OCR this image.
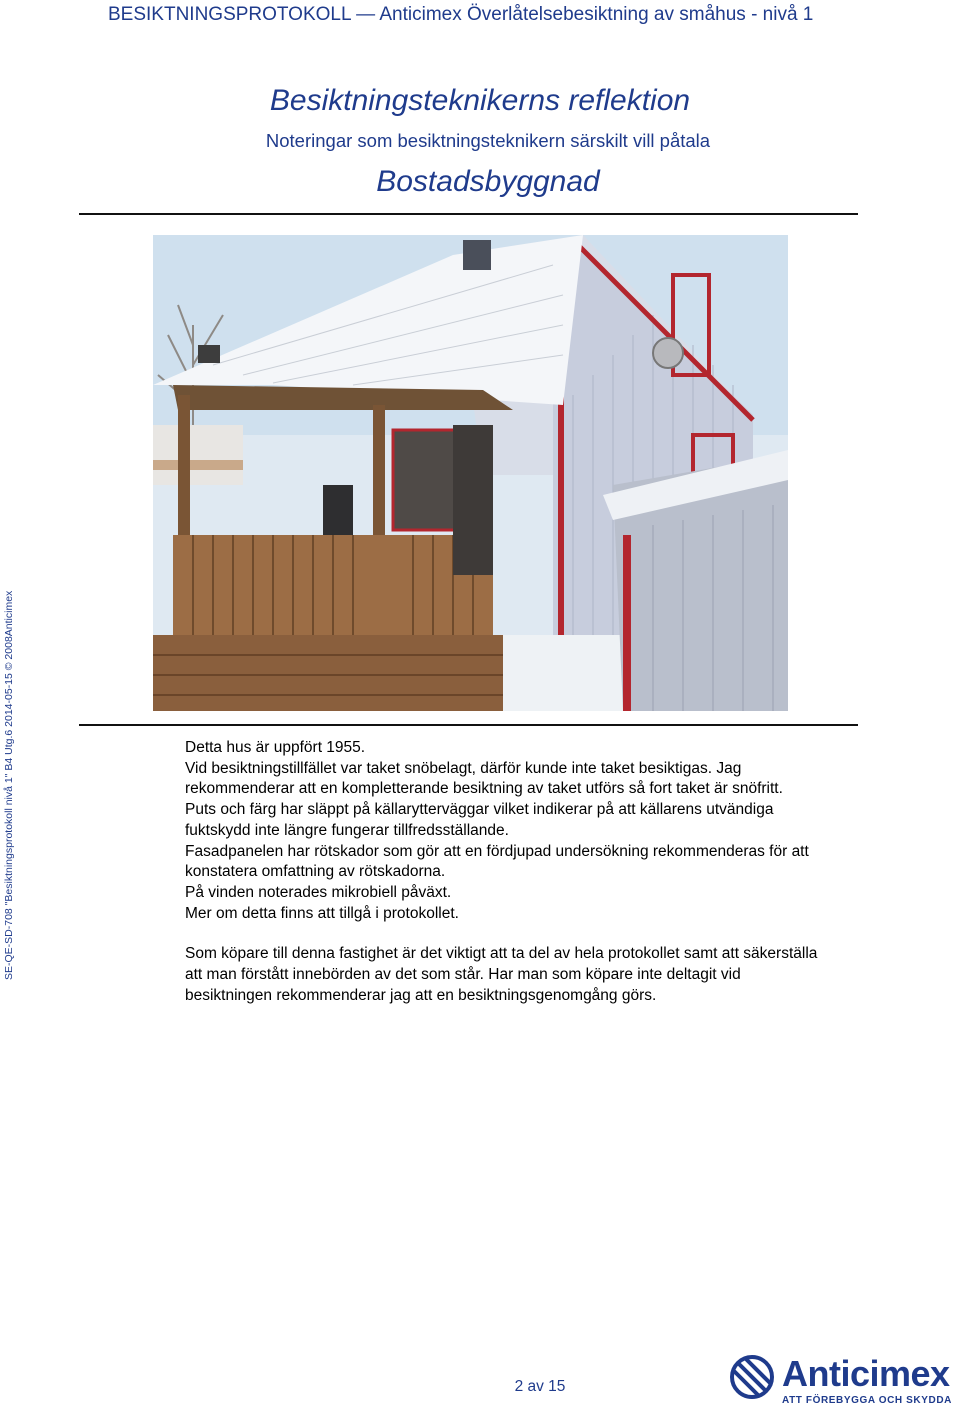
BESIKTNINGSPROTOKOLL — Anticimex Överlåtelsebesiktning av småhus - nivå 1
SE-QE-SD-708 "Besiktningsprotokoll nivå 1" B4 Utg.6 2014-05-15 © 2008Anticimex
Besiktningsteknikerns reflektion
Noteringar som besiktningsteknikern särskilt vill påtala
Bostadsbyggnad

Detta hus är uppfört 1955.

Vid besiktningstillfället var taket snöbelagt, därför kunde inte taket besiktigas. Jag rekommenderar att en kompletterande besiktning av taket utförs så fort taket är snöfritt.

Puts och färg har släppt på källarytterväggar vilket indikerar på att källarens utvändiga fuktskydd inte längre fungerar tillfredsställande.

Fasadpanelen har rötskador som gör att en fördjupad undersökning rekommenderas för att konstatera omfattning av rötskadorna.

På vinden noterades mikrobiell påväxt.

Mer om detta finns att tillgå i protokollet.

Som köpare till denna fastighet är det viktigt att ta del av hela protokollet samt att säkerställa att man förstått innebörden av det som står. Har man som köpare inte deltagit vid besiktningen rekommenderar jag att en besiktningsgenomgång görs.

2 av 15	Anticimex
ATT FÖREBYGGA OCH SKYDDA
